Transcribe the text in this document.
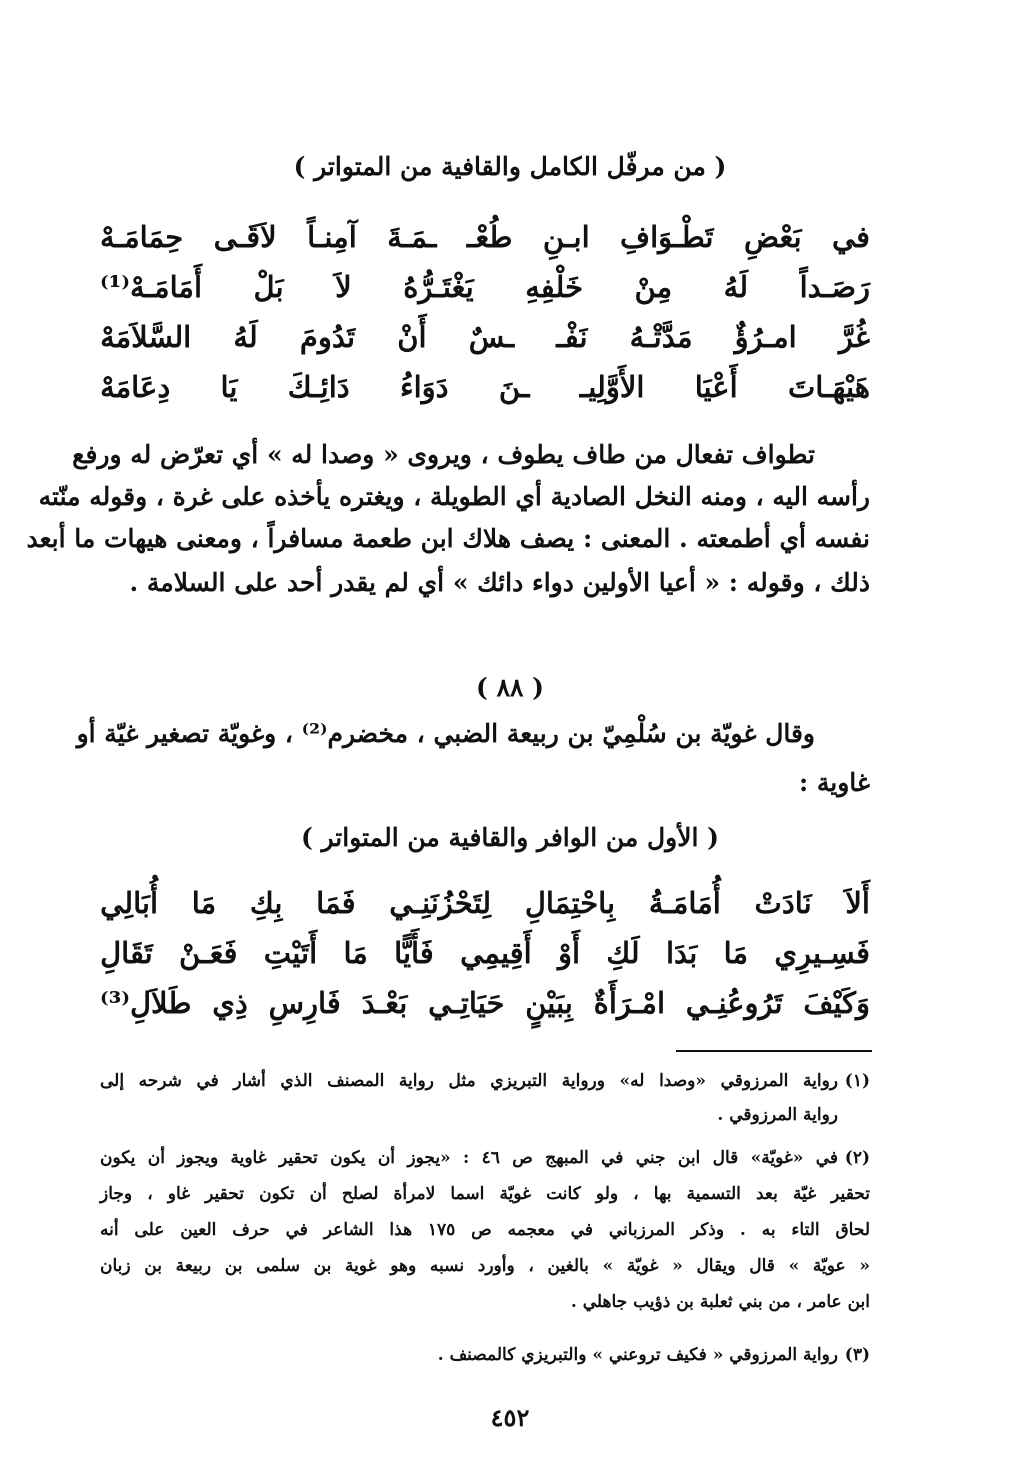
( من مرفّل الكامل والقافية من المتواتر )
في
بَعْضِ
تَطْـوَافِ
ابـنِ
طُعْـ
ـمَـةَ
آمِنـاً
لاَقَـى
حِمَامَـهْ
رَصَـداً
لَهُ
مِنْ
خَلْفِهِ
يَغْتَـرُّهُ
لاَ
بَلْ
أَمَامَـهْ⁽¹⁾
غُرَّ
امـرُؤٌ
مَدَّتْـهُ
نَفْـ
ـسٌ
أَنْ
تَدُومَ
لَهُ
السَّلاَمَهْ
هَيْهَـاتَ
أَعْيَا
الأَوَّلِيـ
ـنَ
دَوَاءُ
دَائِـكَ
يَا
دِعَامَهْ
تطواف تفعال من طاف يطوف ، ويروى « وصدا له » أي تعرّض له ورفع
رأسه اليه ، ومنه النخل الصادية أي الطويلة ، ويغتره يأخذه على غرة ، وقوله منّته
نفسه أي أطمعته . المعنى : يصف هلاك ابن طعمة مسافراً ، ومعنى هيهات ما أبعد
ذلك ، وقوله : « أعيا الأولين دواء دائك » أي لم يقدر أحد على السلامة .
( ٨٨ )
وقال غويّة بن سُلْمِيّ بن ربيعة الضبي ، مخضرم⁽²⁾ ، وغويّة تصغير غيّة أو
غاوية :
( الأول من الوافر والقافية من المتواتر )
أَلاَ
نَادَتْ
أُمَامَـةُ
بِاحْتِمَالِ
لِتَحْزُنَنِـي
فَمَا
بِكِ
مَا
أُبَالِي
فَسِـيرِي
مَا
بَدَا
لَكِ
أَوْ
أَقِيمِي
فَأَيًّا
مَا
أَتَيْتِ
فَعَـنْ
تَقَالِ
وَكَيْفَ
تَرُوعُنِـي
امْـرَأَةٌ
بِبَيْنٍ
حَيَاتِـي
بَعْـدَ
فَارِسِ
ذِي
طَلاَلِ⁽³⁾
(١)
رواية المرزوقي «وصدا له» ورواية التبريزي مثل رواية المصنف الذي أشار في شرحه إلى
رواية المرزوقي .
(٢)
في «غويّة» قال ابن جني في المبهج ص ٤٦ : «يجوز أن يكون تحقير غاوية ويجوز أن يكون
تحقير غيّة بعد التسمية بها ، ولو كانت غويّة اسما لامرأة لصلح أن تكون تحقير غاو ، وجاز
لحاق التاء به . وذكر المرزباني في معجمه ص ١٧٥ هذا الشاعر في حرف العين على أنه
« عويّة » قال ويقال « غويّة » بالغين ، وأورد نسبه وهو غوية بن سلمى بن ربيعة بن زبان
ابن عامر ، من بني ثعلبة بن ذؤيب جاهلي .
(٣)
رواية المرزوقي « فكيف تروعني » والتبريزي كالمصنف .
٤٥٢
